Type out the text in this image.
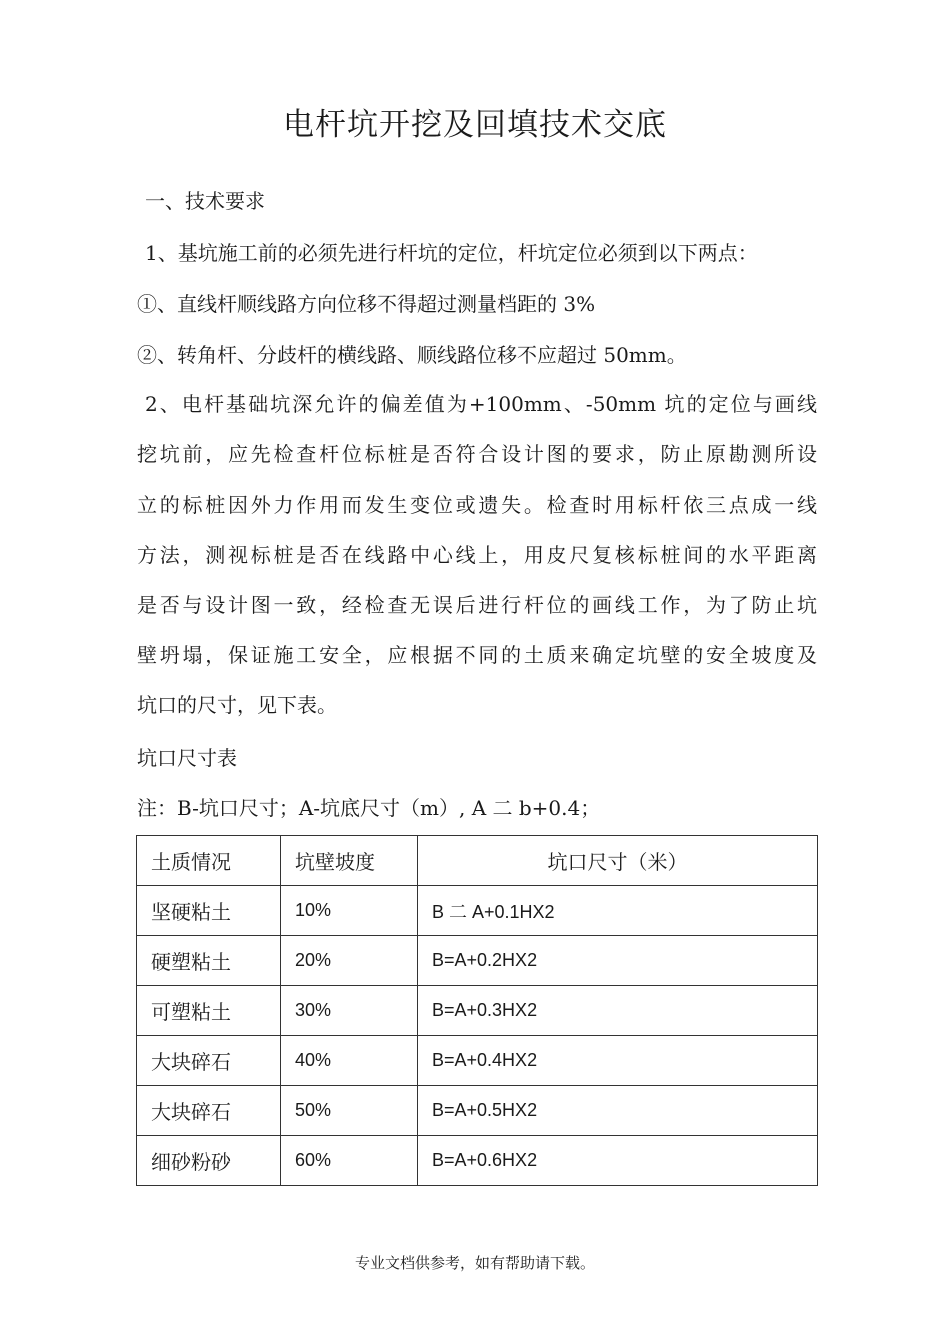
电杆坑开挖及回填技术交底
一、技术要求
1、基坑施工前的必须先进行杆坑的定位，杆坑定位必须到以下两点：
①、直线杆顺线路方向位移不得超过测量档距的 3%
②、转角杆、分歧杆的横线路、顺线路位移不应超过 50mm。
2、电杆基础坑深允许的偏差值为+100mm、-50mm 坑的定位与画线
挖坑前，应先检查杆位标桩是否符合设计图的要求，防止原勘测所设
立的标桩因外力作用而发生变位或遗失。检查时用标杆依三点成一线
方法，测视标桩是否在线路中心线上，用皮尺复核标桩间的水平距离
是否与设计图一致，经检查无误后进行杆位的画线工作，为了防止坑
壁坍塌，保证施工安全，应根据不同的土质来确定坑壁的安全坡度及
坑口的尺寸，见下表。
坑口尺寸表
注：B-坑口尺寸；A-坑底尺寸（m）, A 二 b+0.4；
土质情况	坑壁坡度	坑口尺寸（米）
坚硬粘土	10%	B 二 A+0.1HX2
硬塑粘土	20%	B=A+0.2HX2
可塑粘土	30%	B=A+0.3HX2
大块碎石	40%	B=A+0.4HX2
大块碎石	50%	B=A+0.5HX2
细砂粉砂	60%	B=A+0.6HX2
专业文档供参考，如有帮助请下载。
